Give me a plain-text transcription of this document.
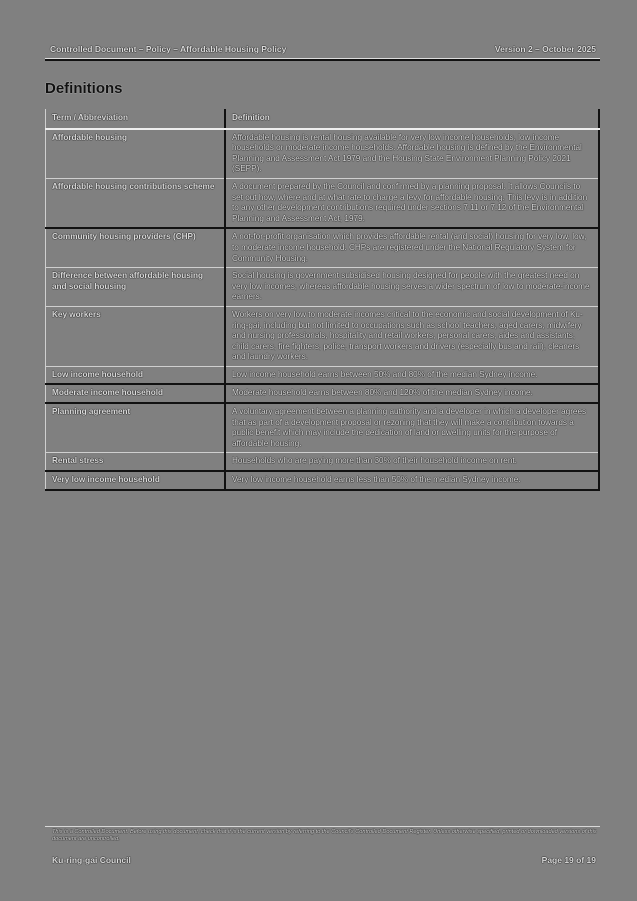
Controlled Document – Policy – Affordable Housing Policy	Version 2 – October 2025
Definitions
Term / Abbreviation	Definition
Affordable housing	Affordable housing is rental housing available for very low income households, low income households or moderate income households. Affordable housing is defined by the Environmental Planning and Assessment Act 1979 and the Housing State Environment Planning Policy 2021 (SEPP).
Affordable housing contributions scheme	A document prepared by the Council and confirmed by a planning proposal. It allows Councils to set out how, where and at what rate to charge a levy for affordable housing. This levy is in addition to any other development contributions required under sections 7.11 or 7.12 of the Environmental Planning and Assessment Act, 1979.
Community housing providers (CHP)	A not-for-profit organisation which provides affordable rental (and social) housing for very low, low, to moderate income household. CHPs are registered under the National Regulatory System for Community Housing.
Difference between affordable housing and social housing	Social housing is government subsidised housing designed for people with the greatest need on very low incomes, whereas affordable housing serves a wider spectrum of low to moderate-income earners.
Key workers	Workers on very low to moderate incomes critical to the economic and social development of Ku-ring-gai, including but not limited to occupations such as school teachers, aged carers, midwifery and nursing professionals, hospitality and retail workers, personal carers, aides and assistants, child carers, fire fighters, police, transport workers and drivers (especially bus and rail), cleaners and laundry workers.
Low income household	Low income household earns between 50% and 80% of the median Sydney income.
Moderate income household	Moderate household earns between 80% and 120% of the median Sydney income.
Planning agreement	A voluntary agreement between a planning authority and a developer in which a developer agrees that as part of a development proposal or rezoning that they will make a contribution towards a public benefit which may include the dedication of land or dwelling units for the purpose of affordable housing.
Rental stress	Households who are paying more than 30% of their household income on rent.
Very low income household	Very low income household earns less than 50% of the median Sydney income.
This is a Controlled Document. Before using this document, check that it is the current version by referring to the Council's Controlled Document Register. Unless otherwise specified, printed or downloaded versions of this document are uncontrolled.
Ku-ring-gai Council	Page 19 of 19
